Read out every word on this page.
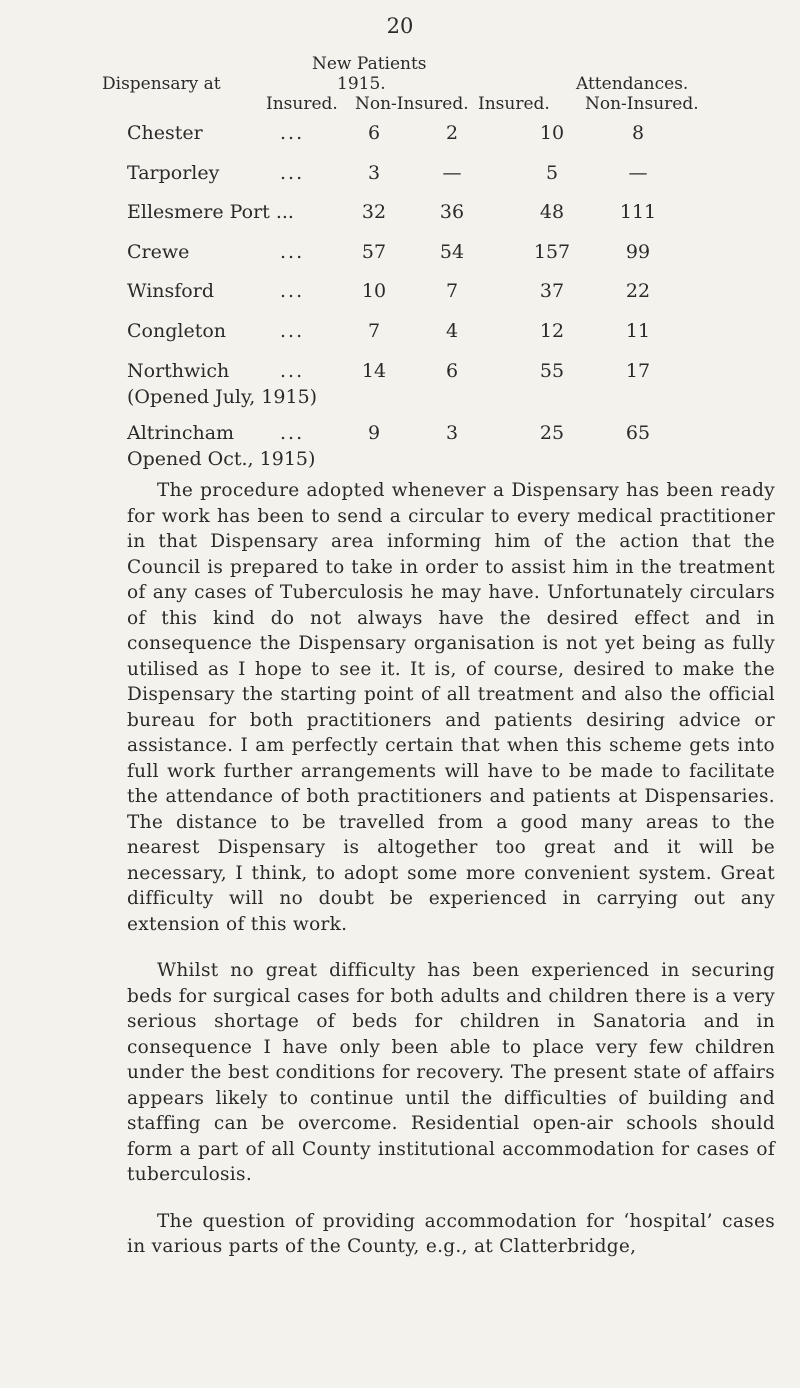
20
New Patients
Dispensary at	1915.	Attendances.
Insured. Non-Insured. Insured. Non-Insured.
Chester	...	6	2	10	8
Tarporley	...	3	—	5	—
Ellesmere Port ...	32	36	48	111
Crewe	...	57	54	157	99
Winsford	...	10	7	37	22
Congleton	...	7	4	12	11
Northwich	...	14	6	55	17
(Opened July, 1915)
Altrincham ...	9	3	25	65
Opened Oct., 1915)

The procedure adopted whenever a Dispensary has been ready for work has been to send a circular to every medical practitioner in that Dispensary area informing him of the action that the Council is prepared to take in order to assist him in the treatment of any cases of Tuberculosis he may have. Unfortunately circulars of this kind do not always have the desired effect and in consequence the Dispensary organisation is not yet being as fully utilised as I hope to see it. It is, of course, desired to make the Dispensary the starting point of all treatment and also the official bureau for both practitioners and patients desiring advice or assistance. I am perfectly certain that when this scheme gets into full work further arrangements will have to be made to facilitate the attendance of both practitioners and patients at Dispensaries. The distance to be travelled from a good many areas to the nearest Dispensary is altogether too great and it will be necessary, I think, to adopt some more convenient system. Great difficulty will no doubt be experienced in carrying out any extension of this work.

Whilst no great difficulty has been experienced in securing beds for surgical cases for both adults and children there is a very serious shortage of beds for children in Sanatoria and in consequence I have only been able to place very few children under the best conditions for recovery. The present state of affairs appears likely to continue until the difficulties of building and staffing can be overcome. Residential open-air schools should form a part of all County institutional accommodation for cases of tuberculosis.

The question of providing accommodation for ‘hospital’ cases in various parts of the County, e.g., at Clatterbridge,
